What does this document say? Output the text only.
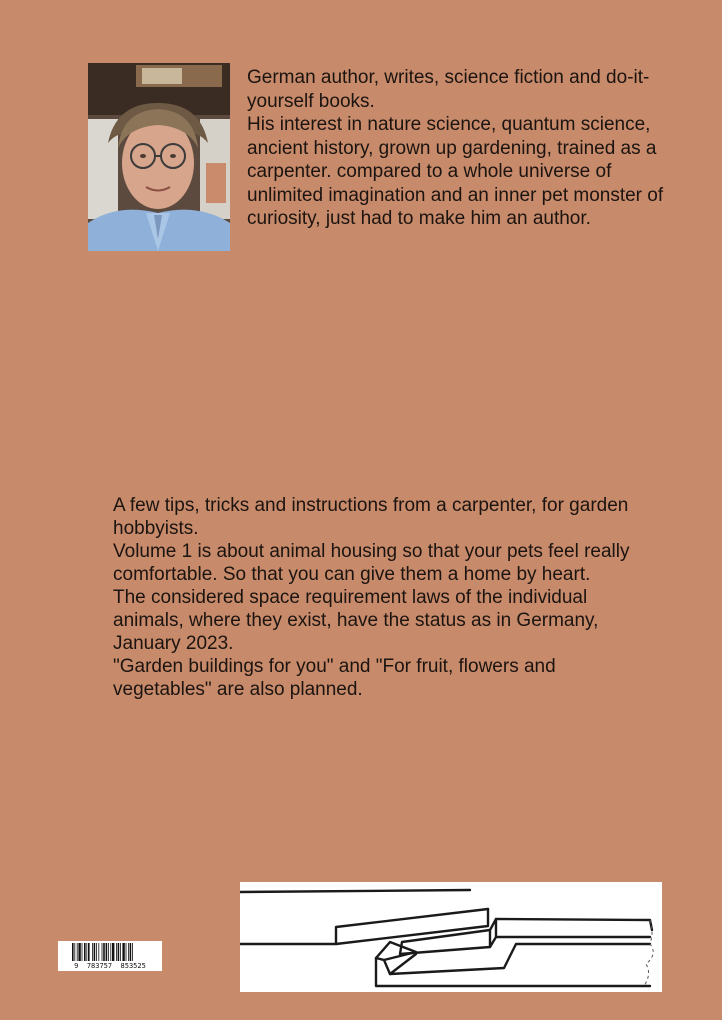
German author, writes, science fiction and do-it-yourself books.

His interest in nature science, quantum science, ancient history, grown up gardening, trained as a carpenter. compared to a whole universe of unlimited imagination and an inner pet monster of curiosity, just had to make him an author.

A few tips, tricks and instructions from a carpenter, for garden hobbyists.

Volume 1 is about animal housing so that your pets feel really comfortable. So that you can give them a home by heart.

The considered space requirement laws of the individual animals, where they exist, have the status as in Germany, January 2023.

"Garden buildings for you" and "For fruit, flowers and vegetables" are also planned.

9  783757  853525
